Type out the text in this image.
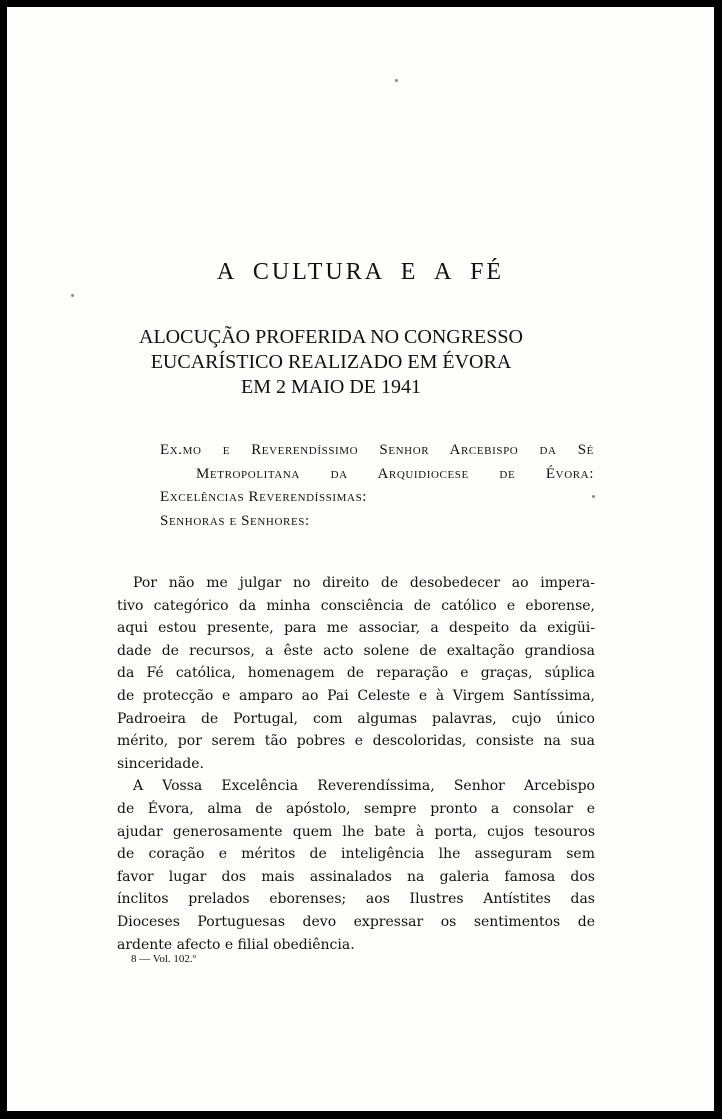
A CULTURA E A FÉ
ALOCUÇÃO PROFERIDA NO CONGRESSO
EUCARÍSTICO REALIZADO EM ÉVORA
EM 2 MAIO DE 1941
Ex.mo e Reverendíssimo Senhor Arcebispo da Sé
Metropolitana da Arquidiocese de Évora:
Excelências Reverendíssimas:
Senhoras e Senhores:
Por não me julgar no direito de desobedecer ao impera-
tivo categórico da minha consciência de católico e eborense,
aqui estou presente, para me associar, a despeito da exigüi-
dade de recursos, a êste acto solene de exaltação grandiosa
da Fé católica, homenagem de reparação e graças, súplica
de protecção e amparo ao Pai Celeste e à Virgem Santíssima,
Padroeira de Portugal, com algumas palavras, cujo único
mérito, por serem tão pobres e descoloridas, consiste na sua
sinceridade.
A Vossa Excelência Reverendíssima, Senhor Arcebispo
de Évora, alma de apóstolo, sempre pronto a consolar e
ajudar generosamente quem lhe bate à porta, cujos tesouros
de coração e méritos de inteligência lhe asseguram sem
favor lugar dos mais assinalados na galeria famosa dos
ínclitos prelados eborenses; aos Ilustres Antístites das
Dioceses Portuguesas devo expressar os sentimentos de
ardente afecto e filial obediência.
8 — Vol. 102.º
